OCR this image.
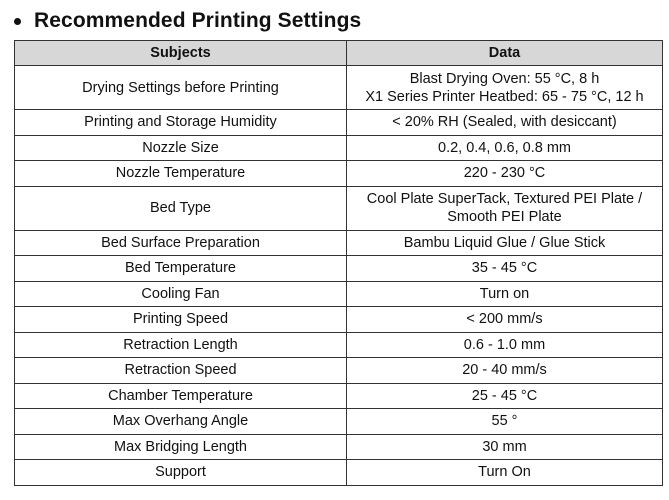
Recommended Printing Settings
Subjects	Data
Drying Settings before Printing	Blast Drying Oven: 55 °C, 8 h
X1 Series Printer Heatbed: 65 - 75 °C, 12 h

Printing and Storage Humidity	< 20% RH (Sealed, with desiccant)
Nozzle Size	0.2, 0.4, 0.6, 0.8 mm
Nozzle Temperature	220 - 230 °C
Bed Type	Cool Plate SuperTack, Textured PEI Plate /
Smooth PEI Plate

Bed Surface Preparation	Bambu Liquid Glue / Glue Stick
Bed Temperature	35 - 45 °C
Cooling Fan	Turn on
Printing Speed	< 200 mm/s
Retraction Length	0.6 - 1.0 mm
Retraction Speed	20 - 40 mm/s
Chamber Temperature	25 - 45 °C
Max Overhang Angle	55 °
Max Bridging Length	30 mm
Support	Turn On
